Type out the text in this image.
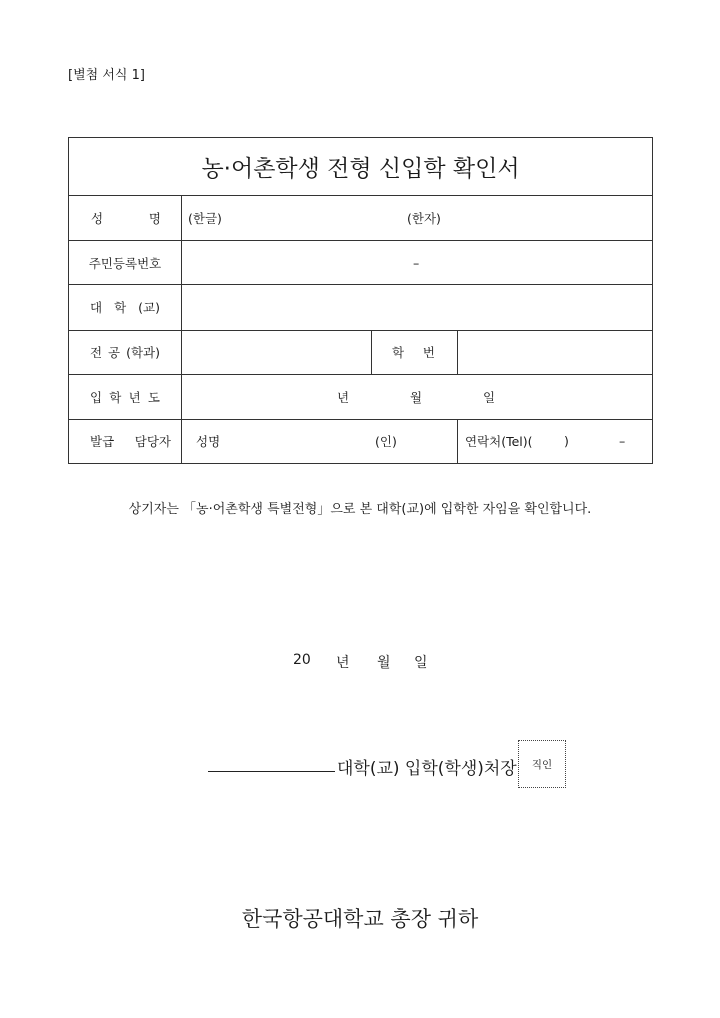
[별첨 서식 1]
농·어촌학생 전형 신입학 확인서			

성 명	(한글) (한자)		

주민등록번호	–		

대 학 (교)			

전 공 (학과)		학 번	

입 학 년 도	년 월 일		

발급 담당자	성명 (인)		연락처(Tel)( ) –
상기자는 「농·어촌학생 특별전형」으로 본 대학(교)에 입학한 자임을 확인합니다.
20 년 월 일
대학(교) 입학(학생)처장 직인
한국항공대학교 총장 귀하
